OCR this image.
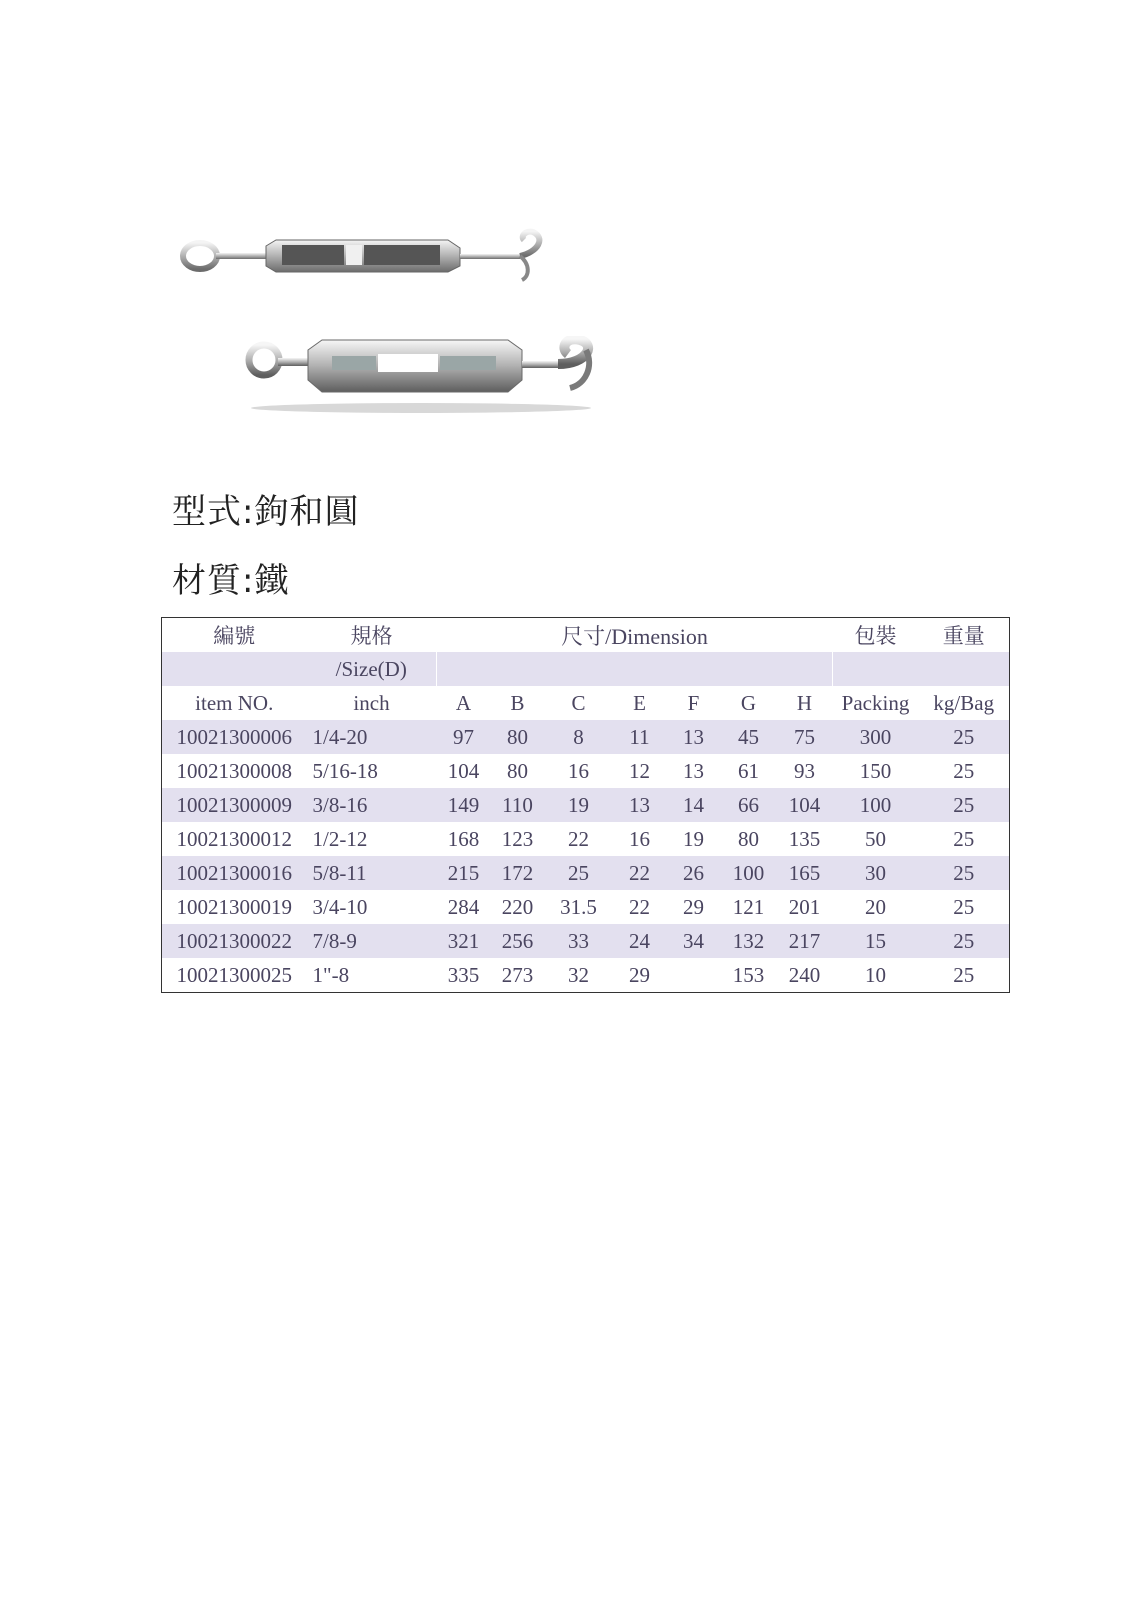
型式:鉤和圓
材質:鐵
編號	規格	尺寸/Dimension							包裝	重量
	/Size(D)									
item NO.	inch	A	B	C	E	F	G	H	Packing	kg/Bag
10021300006	1/4-20	97	80	8	11	13	45	75	300	25
10021300008	5/16-18	104	80	16	12	13	61	93	150	25
10021300009	3/8-16	149	110	19	13	14	66	104	100	25
10021300012	1/2-12	168	123	22	16	19	80	135	50	25
10021300016	5/8-11	215	172	25	22	26	100	165	30	25
10021300019	3/4-10	284	220	31.5	22	29	121	201	20	25
10021300022	7/8-9	321	256	33	24	34	132	217	15	25
10021300025	1"-8	335	273	32	29		153	240	10	25
